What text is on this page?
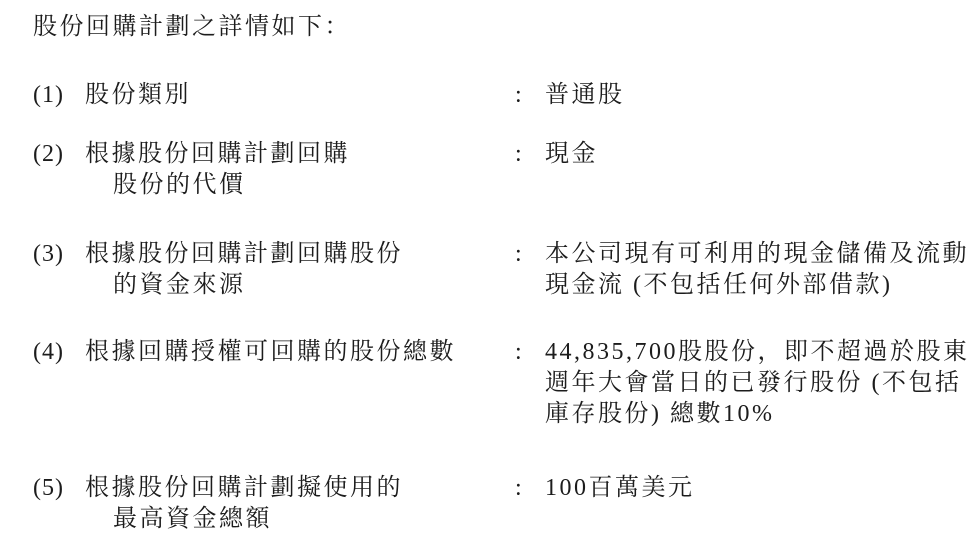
股份回購計劃之詳情如下：
(1) 股份類別	: 普通股
(2) 根據股份回購計劃回購
股份的代價
: 現金
(3) 根據股份回購計劃回購股份
的資金來源
: 本公司現有可利用的現金儲備及流動
現金流 (不包括任何外部借款)
(4) 根據回購授權可回購的股份總數	: 44,835,700股股份，即不超過於股東
週年大會當日的已發行股份 (不包括
庫存股份) 總數10%
(5) 根據股份回購計劃擬使用的
最高資金總額
: 100百萬美元
